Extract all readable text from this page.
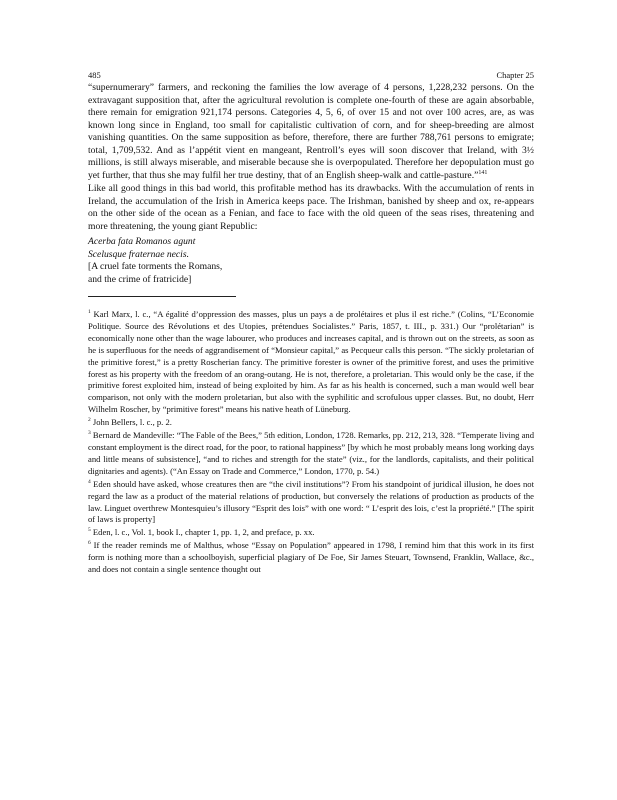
485	Chapter 25

“supernumerary” farmers, and reckoning the families the low average of 4 persons, 1,228,232 persons. On the extravagant supposition that, after the agricultural revolution is complete one-fourth of these are again absorbable, there remain for emigration 921,174 persons. Categories 4, 5, 6, of over 15 and not over 100 acres, are, as was known long since in England, too small for capitalistic cultivation of corn, and for sheep-breeding are almost vanishing quantities. On the same supposition as before, therefore, there are further 788,761 persons to emigrate; total, 1,709,532. And as l’appétit vient en mangeant, Rentroll’s eyes will soon discover that Ireland, with 3½ millions, is still always miserable, and miserable because she is overpopulated. Therefore her depopulation must go yet further, that thus she may fulfil her true destiny, that of an English sheep-walk and cattle-pasture.”$^{141}$

Like all good things in this bad world, this profitable method has its drawbacks. With the accumulation of rents in Ireland, the accumulation of the Irish in America keeps pace. The Irishman, banished by sheep and ox, re-appears on the other side of the ocean as a Fenian, and face to face with the old queen of the seas rises, threatening and more threatening, the young giant Republic:

Acerba fata Romanos agunt
Scelusque fraternae necis.
[A cruel fate torments the Romans,
and the crime of fratricide]

$^1$ Karl Marx, l. c., “A égalité d’oppression des masses, plus un pays a de prolétaires et plus il est riche.” (Colins, “L’Economie Politique. Source des Révolutions et des Utopies, prétendues Socialistes.” Paris, 1857, t. III., p. 331.) Our “prolétarian” is economically none other than the wage labourer, who produces and increases capital, and is thrown out on the streets, as soon as he is superfluous for the needs of aggrandisement of “Monsieur capital,” as Pecqueur calls this person. “The sickly proletarian of the primitive forest,” is a pretty Roscherian fancy. The primitive forester is owner of the primitive forest, and uses the primitive forest as his property with the freedom of an orang-outang. He is not, therefore, a proletarian. This would only be the case, if the primitive forest exploited him, instead of being exploited by him. As far as his health is concerned, such a man would well bear comparison, not only with the modern proletarian, but also with the syphilitic and scrofulous upper classes. But, no doubt, Herr Wilhelm Roscher, by “primitive forest” means his native heath of Lüneburg.

$^2$ John Bellers, l. c., p. 2.

$^3$ Bernard de Mandeville: “The Fable of the Bees,” 5th edition, London, 1728. Remarks, pp. 212, 213, 328. “Temperate living and constant employment is the direct road, for the poor, to rational happiness” [by which he most probably means long working days and little means of subsistence], “and to riches and strength for the state” (viz., for the landlords, capitalists, and their political dignitaries and agents). (“An Essay on Trade and Commerce,” London, 1770, p. 54.)

$^4$ Eden should have asked, whose creatures then are “the civil institutions”? From his standpoint of juridical illusion, he does not regard the law as a product of the material relations of production, but conversely the relations of production as products of the law. Linguet overthrew Montesquieu’s illusory “Esprit des lois” with one word: “ L’esprit des lois, c’est la propriété.” [The spirit of laws is property]

$^5$ Eden, l. c., Vol. 1, book I., chapter 1, pp. 1, 2, and preface, p. xx.

$^6$ If the reader reminds me of Malthus, whose “Essay on Population” appeared in 1798, I remind him that this work in its first form is nothing more than a schoolboyish, superficial plagiary of De Foe, Sir James Steuart, Townsend, Franklin, Wallace, &c., and does not contain a single sentence thought out
